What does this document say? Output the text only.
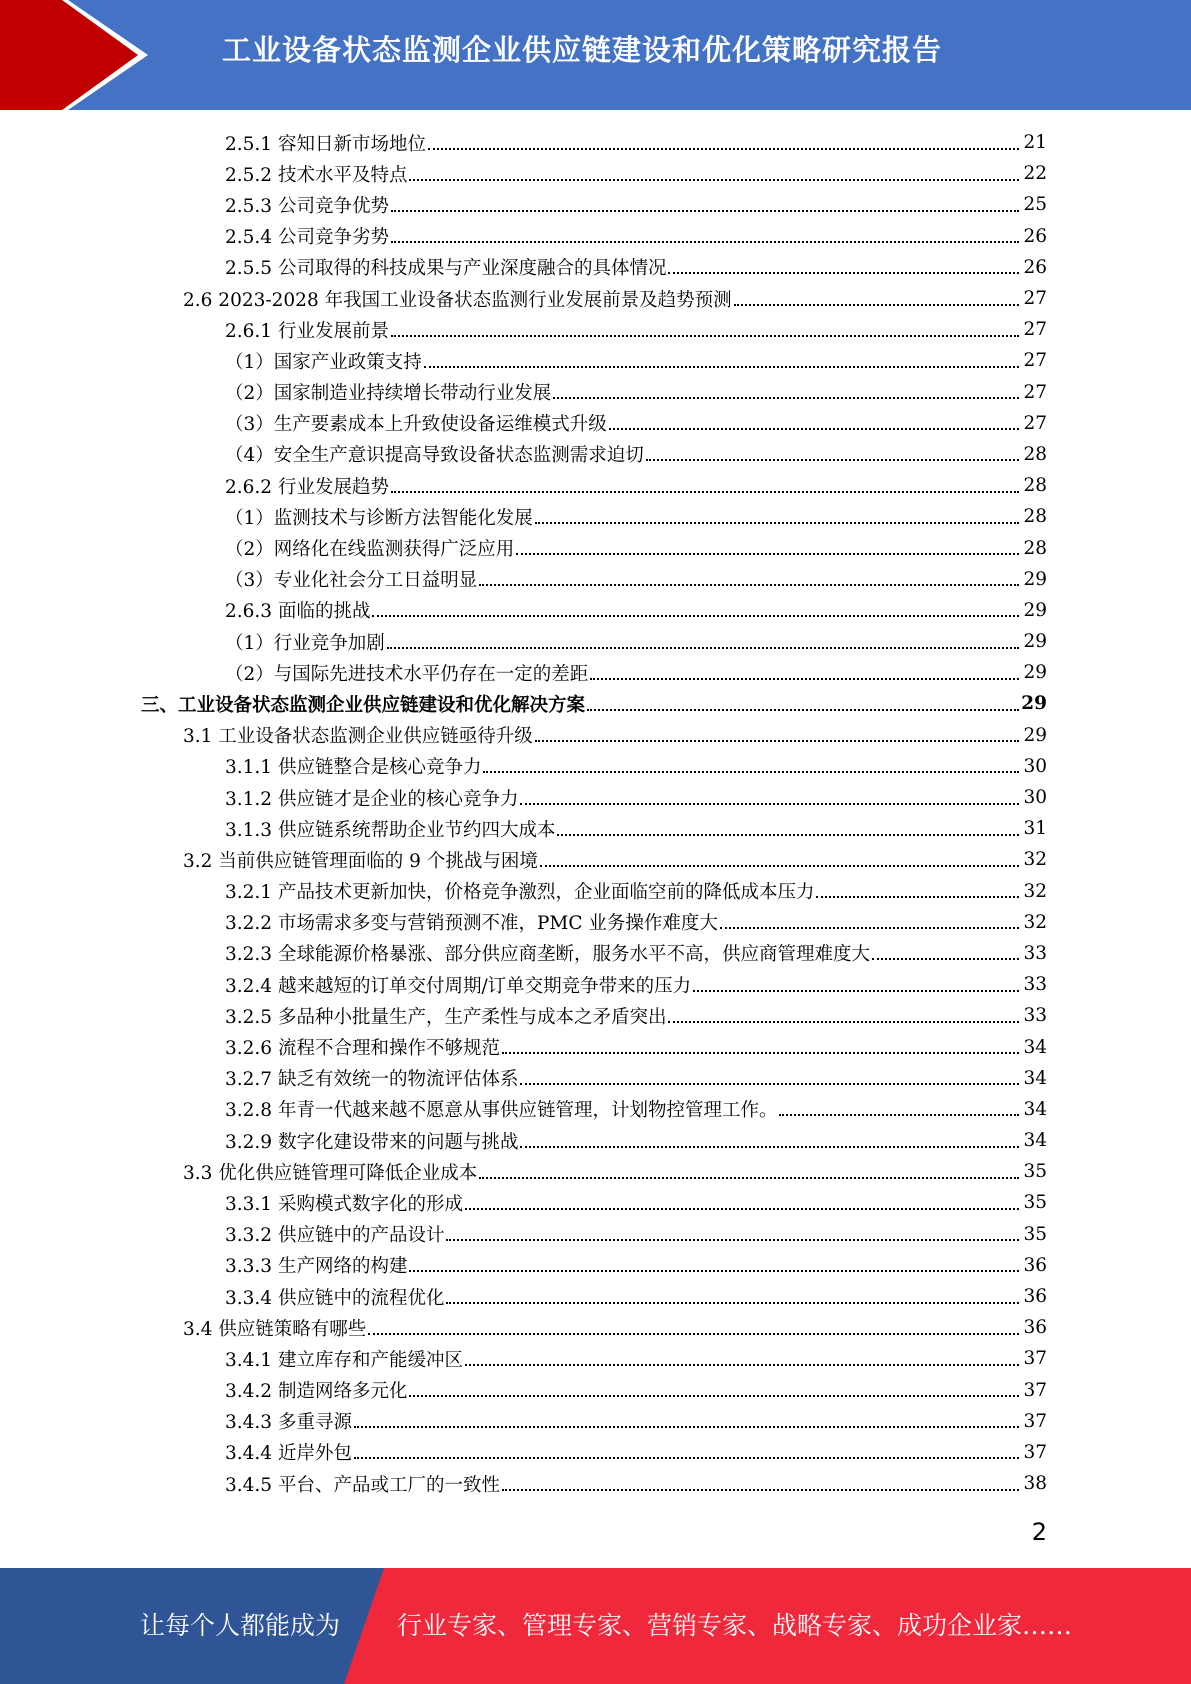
工业设备状态监测企业供应链建设和优化策略研究报告
2.5.1 容知日新市场地位	21
2.5.2 技术水平及特点	22
2.5.3 公司竞争优势	25
2.5.4 公司竞争劣势	26
2.5.5 公司取得的科技成果与产业深度融合的具体情况	26
2.6 2023-2028 年我国工业设备状态监测行业发展前景及趋势预测	27
2.6.1 行业发展前景	27
（1）国家产业政策支持	27
（2）国家制造业持续增长带动行业发展	27
（3）生产要素成本上升致使设备运维模式升级	27
（4）安全生产意识提高导致设备状态监测需求迫切	28
2.6.2 行业发展趋势	28
（1）监测技术与诊断方法智能化发展	28
（2）网络化在线监测获得广泛应用	28
（3）专业化社会分工日益明显	29
2.6.3 面临的挑战	29
（1）行业竞争加剧	29
（2）与国际先进技术水平仍存在一定的差距	29
三、工业设备状态监测企业供应链建设和优化解决方案	29
3.1 工业设备状态监测企业供应链亟待升级	29
3.1.1 供应链整合是核心竞争力	30
3.1.2 供应链才是企业的核心竞争力	30
3.1.3 供应链系统帮助企业节约四大成本	31
3.2 当前供应链管理面临的 9 个挑战与困境	32
3.2.1 产品技术更新加快，价格竞争激烈，企业面临空前的降低成本压力	32
3.2.2 市场需求多变与营销预测不准，PMC 业务操作难度大	32
3.2.3 全球能源价格暴涨、部分供应商垄断，服务水平不高，供应商管理难度大	33
3.2.4 越来越短的订单交付周期/订单交期竞争带来的压力	33
3.2.5 多品种小批量生产，生产柔性与成本之矛盾突出	33
3.2.6 流程不合理和操作不够规范	34
3.2.7 缺乏有效统一的物流评估体系	34
3.2.8 年青一代越来越不愿意从事供应链管理，计划物控管理工作。	34
3.2.9 数字化建设带来的问题与挑战	34
3.3 优化供应链管理可降低企业成本	35
3.3.1 采购模式数字化的形成	35
3.3.2 供应链中的产品设计	35
3.3.3 生产网络的构建	36
3.3.4 供应链中的流程优化	36
3.4 供应链策略有哪些	36
3.4.1 建立库存和产能缓冲区	37
3.4.2 制造网络多元化	37
3.4.3 多重寻源	37
3.4.4 近岸外包	37
3.4.5 平台、产品或工厂的一致性	38
2
让每个人都能成为 行业专家、管理专家、营销专家、战略专家、成功企业家……
